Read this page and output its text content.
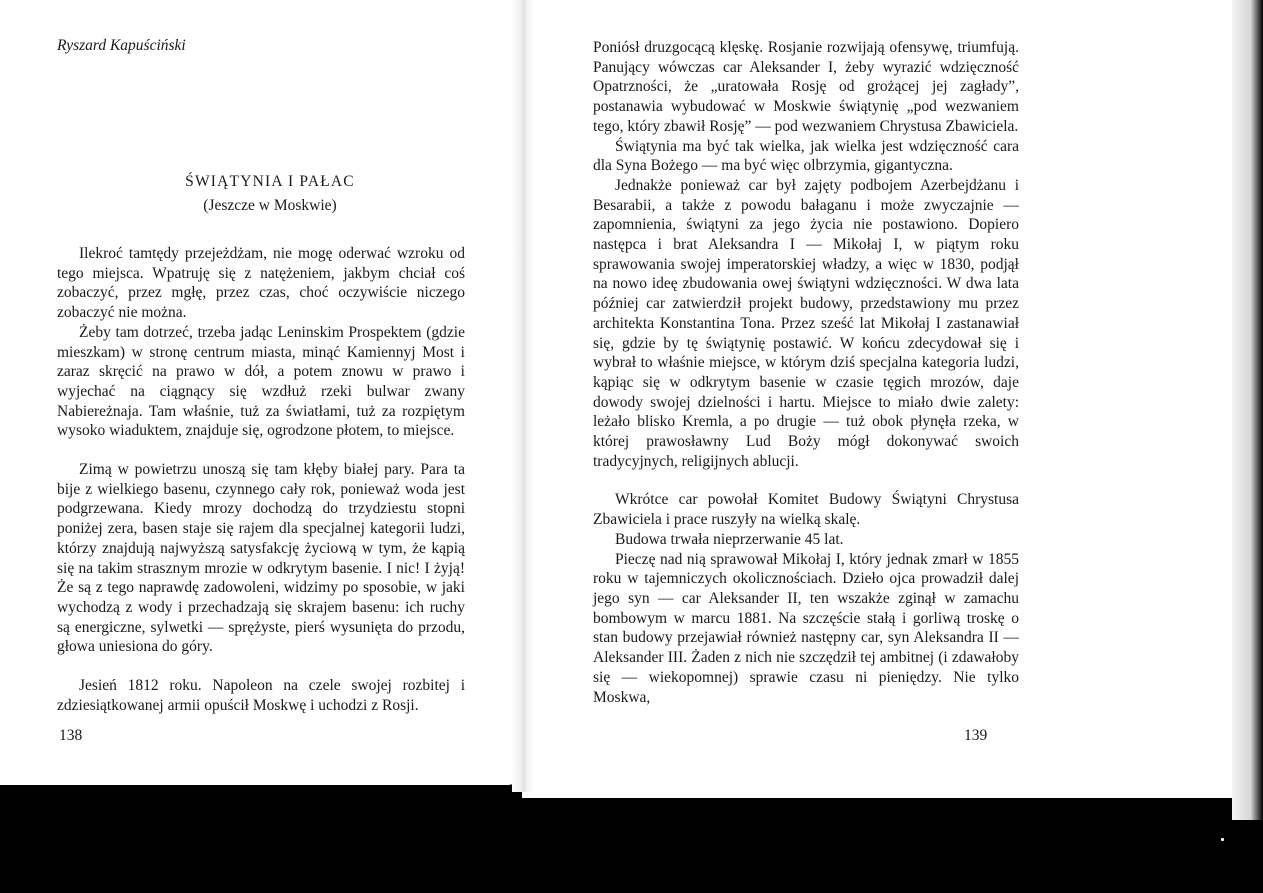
Ryszard Kapuściński
ŚWIĄTYNIA I PAŁAC
(Jeszcze w Moskwie)

Ilekroć tamtędy przejeżdżam, nie mogę oderwać wzroku od tego miejsca. Wpatruję się z natężeniem, jakbym chciał coś zobaczyć, przez mgłę, przez czas, choć oczywiście niczego zobaczyć nie można.

Żeby tam dotrzeć, trzeba jadąc Leninskim Prospektem (gdzie mieszkam) w stronę centrum miasta, minąć Kamiennyj Most i zaraz skręcić na prawo w dół, a potem znowu w prawo i wyjechać na ciągnący się wzdłuż rzeki bulwar zwany Nabiereżnaja. Tam właśnie, tuż za światłami, tuż za rozpiętym wysoko wiaduktem, znajduje się, ogrodzone płotem, to miejsce.

Zimą w powietrzu unoszą się tam kłęby białej pary. Para ta bije z wielkiego basenu, czynnego cały rok, ponieważ woda jest podgrzewana. Kiedy mrozy dochodzą do trzydziestu stopni poniżej zera, basen staje się rajem dla specjalnej kategorii ludzi, którzy znajdują najwyższą satysfakcję życiową w tym, że kąpią się na takim strasznym mrozie w odkrytym basenie. I nic! I żyją! Że są z tego naprawdę zadowoleni, widzimy po sposobie, w jaki wychodzą z wody i przechadzają się skrajem basenu: ich ruchy są energiczne, sylwetki — sprężyste, pierś wysunięta do przodu, głowa uniesiona do góry.

Jesień 1812 roku. Napoleon na czele swojej rozbitej i zdziesiątkowanej armii opuścił Moskwę i uchodzi z Rosji.

138

Poniósł druzgocącą klęskę. Rosjanie rozwijają ofensywę, triumfują. Panujący wówczas car Aleksander I, żeby wyrazić wdzięczność Opatrzności, że „uratowała Rosję od grożącej jej zagłady”, postanawia wybudować w Moskwie świątynię „pod wezwaniem tego, który zbawił Rosję” — pod wezwaniem Chrystusa Zbawiciela.

Świątynia ma być tak wielka, jak wielka jest wdzięczność cara dla Syna Bożego — ma być więc olbrzymia, gigantyczna.

Jednakże ponieważ car był zajęty podbojem Azerbejdżanu i Besarabii, a także z powodu bałaganu i może zwyczajnie — zapomnienia, świątyni za jego życia nie postawiono. Dopiero następca i brat Aleksandra I — Mikołaj I, w piątym roku sprawowania swojej imperatorskiej władzy, a więc w 1830, podjął na nowo ideę zbudowania owej świątyni wdzięczności. W dwa lata później car zatwierdził projekt budowy, przedstawiony mu przez architekta Konstantina Tona. Przez sześć lat Mikołaj I zastanawiał się, gdzie by tę świątynię postawić. W końcu zdecydował się i wybrał to właśnie miejsce, w którym dziś specjalna kategoria ludzi, kąpiąc się w odkrytym basenie w czasie tęgich mrozów, daje dowody swojej dzielności i hartu. Miejsce to miało dwie zalety: leżało blisko Kremla, a po drugie — tuż obok płynęła rzeka, w której prawosławny Lud Boży mógł dokonywać swoich tradycyjnych, religijnych ablucji.

Wkrótce car powołał Komitet Budowy Świątyni Chrystusa Zbawiciela i prace ruszyły na wielką skalę.

Budowa trwała nieprzerwanie 45 lat.

Pieczę nad nią sprawował Mikołaj I, który jednak zmarł w 1855 roku w tajemniczych okolicznościach. Dzieło ojca prowadził dalej jego syn — car Aleksander II, ten wszakże zginął w zamachu bombowym w marcu 1881. Na szczęście stałą i gorliwą troskę o stan budowy przejawiał również następny car, syn Aleksandra II — Aleksander III. Żaden z nich nie szczędził tej ambitnej (i zdawałoby się — wiekopomnej) sprawie czasu ni pieniędzy. Nie tylko Moskwa,

139
